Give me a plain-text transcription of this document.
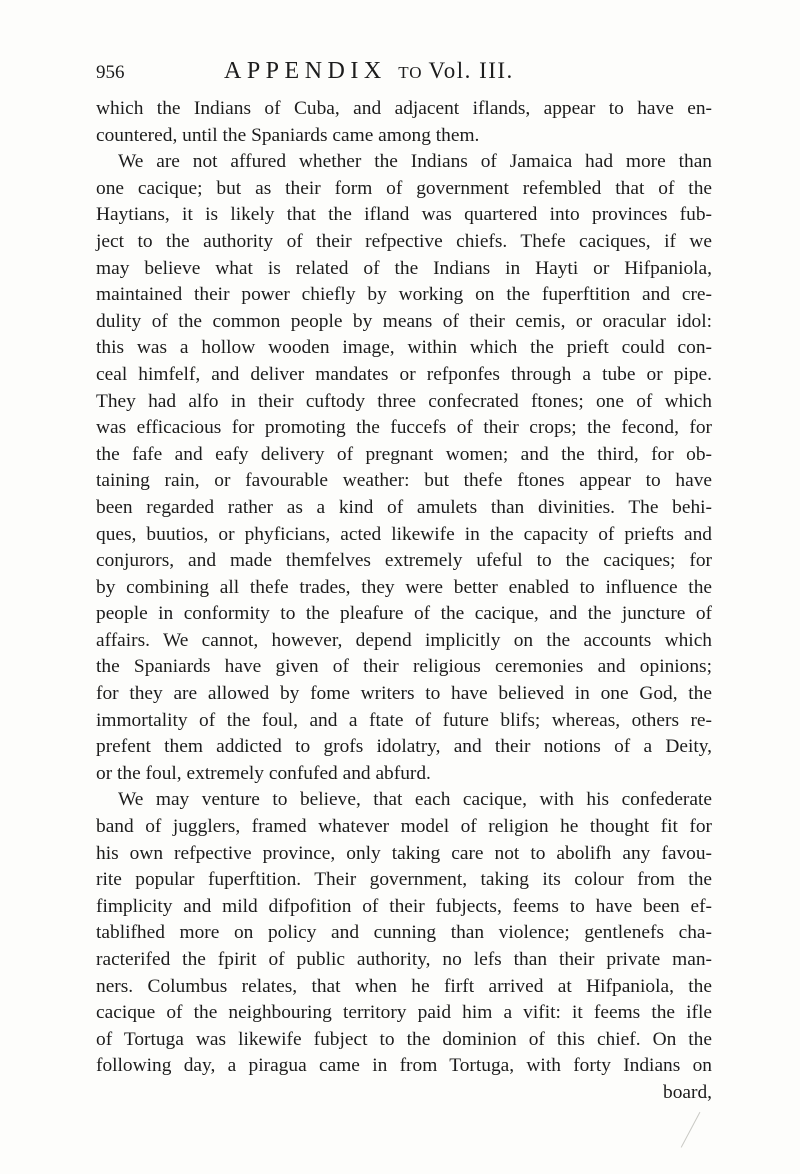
956	APPENDIX TO Vol. III.
which the Indians of Cuba, and adjacent iflands, appear to have en-
countered, until the Spaniards came among them.
We are not affured whether the Indians of Jamaica had more than
one cacique; but as their form of government refembled that of the
Haytians, it is likely that the ifland was quartered into provinces fub-
ject to the authority of their refpective chiefs. Thefe caciques, if we
may believe what is related of the Indians in Hayti or Hifpaniola,
maintained their power chiefly by working on the fuperftition and cre-
dulity of the common people by means of their cemis, or oracular idol:
this was a hollow wooden image, within which the prieft could con-
ceal himfelf, and deliver mandates or refponfes through a tube or pipe.
They had alfo in their cuftody three confecrated ftones; one of which
was efficacious for promoting the fuccefs of their crops; the fecond, for
the fafe and eafy delivery of pregnant women; and the third, for ob-
taining rain, or favourable weather: but thefe ftones appear to have
been regarded rather as a kind of amulets than divinities. The behi-
ques, buutios, or phyficians, acted likewife in the capacity of priefts and
conjurors, and made themfelves extremely ufeful to the caciques; for
by combining all thefe trades, they were better enabled to influence the
people in conformity to the pleafure of the cacique, and the juncture of
affairs. We cannot, however, depend implicitly on the accounts which
the Spaniards have given of their religious ceremonies and opinions;
for they are allowed by fome writers to have believed in one God, the
immortality of the foul, and a ftate of future blifs; whereas, others re-
prefent them addicted to grofs idolatry, and their notions of a Deity,
or the foul, extremely confufed and abfurd.
We may venture to believe, that each cacique, with his confederate
band of jugglers, framed whatever model of religion he thought fit for
his own refpective province, only taking care not to abolifh any favou-
rite popular fuperftition. Their government, taking its colour from the
fimplicity and mild difpofition of their fubjects, feems to have been ef-
tablifhed more on policy and cunning than violence; gentlenefs cha-
racterifed the fpirit of public authority, no lefs than their private man-
ners. Columbus relates, that when he firft arrived at Hifpaniola, the
cacique of the neighbouring territory paid him a vifit: it feems the ifle
of Tortuga was likewife fubject to the dominion of this chief. On the
following day, a piragua came in from Tortuga, with forty Indians on
board,
